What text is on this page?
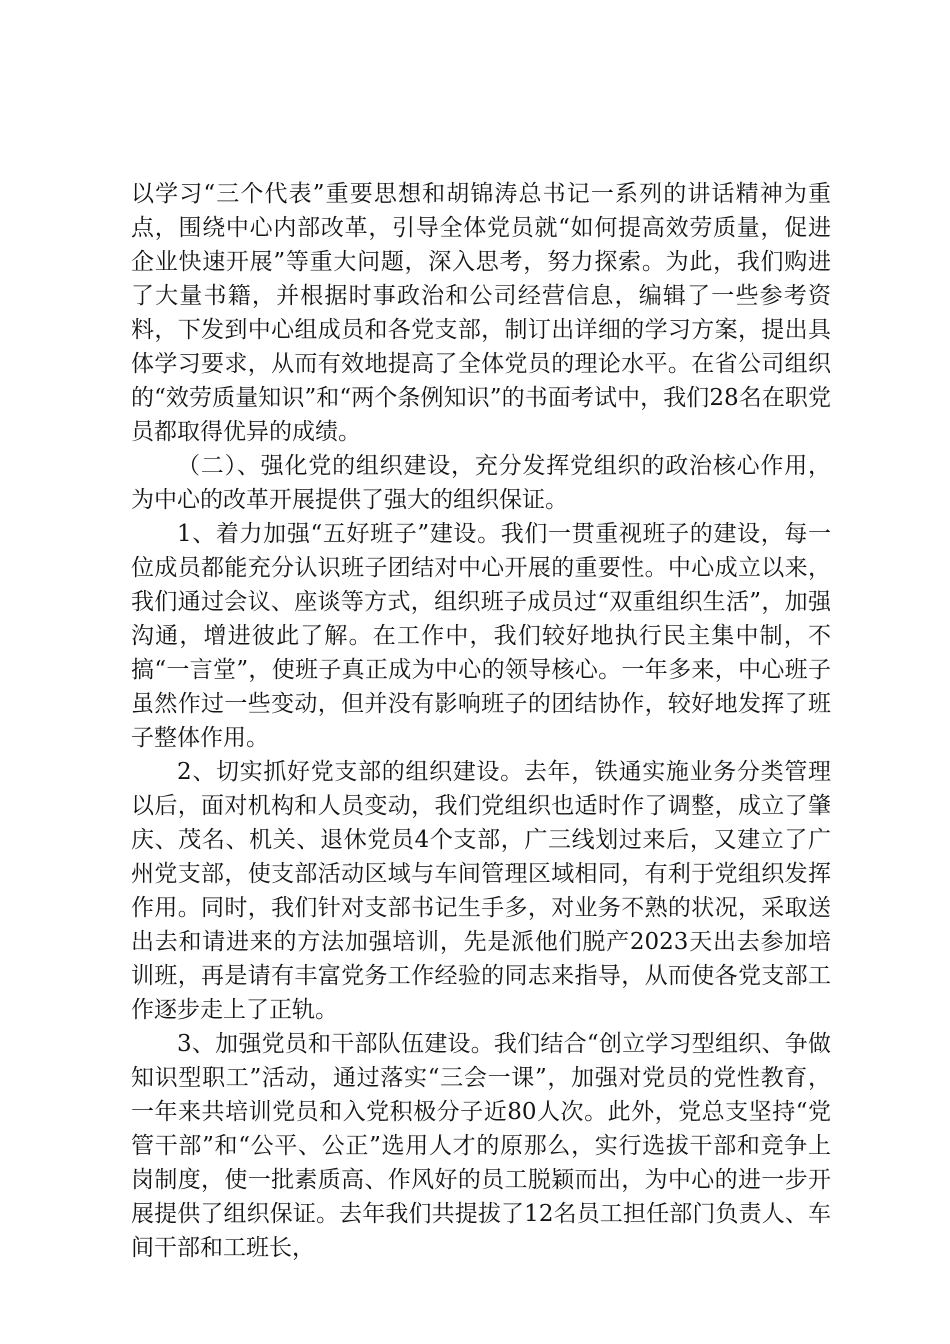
以学习“三个代表”重要思想和胡锦涛总书记一系列的讲话精神为重点，围绕中心内部改革，引导全体党员就“如何提高效劳质量，促进企业快速开展”等重大问题，深入思考，努力探索。为此，我们购进了大量书籍，并根据时事政治和公司经营信息，编辑了一些参考资料，下发到中心组成员和各党支部，制订出详细的学习方案，提出具体学习要求，从而有效地提高了全体党员的理论水平。在省公司组织的“效劳质量知识”和“两个条例知识”的书面考试中，我们28名在职党员都取得优异的成绩。

（二）、强化党的组织建设，充分发挥党组织的政治核心作用，为中心的改革开展提供了强大的组织保证。

1、着力加强“五好班子”建设。我们一贯重视班子的建设，每一位成员都能充分认识班子团结对中心开展的重要性。中心成立以来，我们通过会议、座谈等方式，组织班子成员过“双重组织生活”，加强沟通，增进彼此了解。在工作中，我们较好地执行民主集中制，不搞“一言堂”，使班子真正成为中心的领导核心。一年多来，中心班子虽然作过一些变动，但并没有影响班子的团结协作，较好地发挥了班子整体作用。

2、切实抓好党支部的组织建设。去年，铁通实施业务分类管理以后，面对机构和人员变动，我们党组织也适时作了调整，成立了肇庆、茂名、机关、退休党员4个支部，广三线划过来后，又建立了广州党支部，使支部活动区域与车间管理区域相同，有利于党组织发挥作用。同时，我们针对支部书记生手多，对业务不熟的状况，采取送出去和请进来的方法加强培训，先是派他们脱产2023天出去参加培训班，再是请有丰富党务工作经验的同志来指导，从而使各党支部工作逐步走上了正轨。

3、加强党员和干部队伍建设。我们结合“创立学习型组织、争做知识型职工”活动，通过落实“三会一课”，加强对党员的党性教育，一年来共培训党员和入党积极分子近80人次。此外，党总支坚持“党管干部”和“公平、公正”选用人才的原那么，实行选拔干部和竞争上岗制度，使一批素质高、作风好的员工脱颖而出，为中心的进一步开展提供了组织保证。去年我们共提拔了12名员工担任部门负责人、车间干部和工班长，
